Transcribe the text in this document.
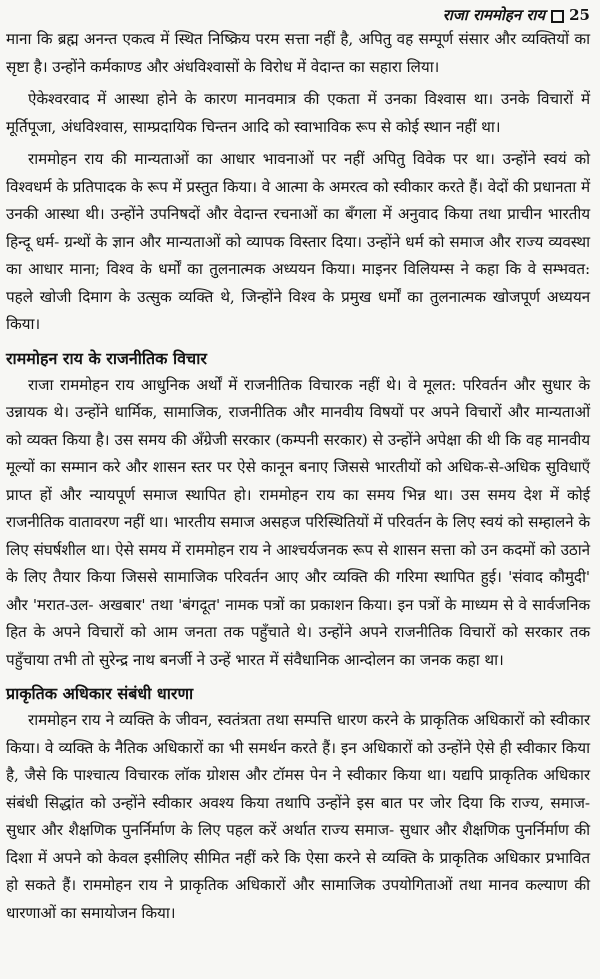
राजा राममोहन राय 25

माना कि ब्रह्म अनन्त एकत्व में स्थित निष्क्रिय परम सत्ता नहीं है, अपितु वह सम्पूर्ण संसार और व्यक्तियों का सृष्टा है। उन्होंने कर्मकाण्ड और अंधविश्वासों के विरोध में वेदान्त का सहारा लिया।

ऐकेश्वरवाद में आस्था होने के कारण मानवमात्र की एकता में उनका विश्वास था। उनके विचारों में मूर्तिपूजा, अंधविश्वास, साम्प्रदायिक चिन्तन आदि को स्वाभाविक रूप से कोई स्थान नहीं था।

राममोहन राय की मान्यताओं का आधार भावनाओं पर नहीं अपितु विवेक पर था। उन्होंने स्वयं को विश्वधर्म के प्रतिपादक के रूप में प्रस्तुत किया। वे आत्मा के अमरत्व को स्वीकार करते हैं। वेदों की प्रधानता में उनकी आस्था थी। उन्होंने उपनिषदों और वेदान्त रचनाओं का बँगला में अनुवाद किया तथा प्राचीन भारतीय हिन्दू धर्म- ग्रन्थों के ज्ञान और मान्यताओं को व्यापक विस्तार दिया। उन्होंने धर्म को समाज और राज्य व्यवस्था का आधार माना; विश्व के धर्मों का तुलनात्मक अध्ययन किया। माइनर विलियम्स ने कहा कि वे सम्भवत: पहले खोजी दिमाग के उत्सुक व्यक्ति थे, जिन्होंने विश्व के प्रमुख धर्मों का तुलनात्मक खोजपूर्ण अध्ययन किया।

राममोहन राय के राजनीतिक विचार

राजा राममोहन राय आधुनिक अर्थों में राजनीतिक विचारक नहीं थे। वे मूलत: परिवर्तन और सुधार के उन्नायक थे। उन्होंने धार्मिक, सामाजिक, राजनीतिक और मानवीय विषयों पर अपने विचारों और मान्यताओं को व्यक्त किया है। उस समय की अँग्रेजी सरकार (कम्पनी सरकार) से उन्होंने अपेक्षा की थी कि वह मानवीय मूल्यों का सम्मान करे और शासन स्तर पर ऐसे कानून बनाए जिससे भारतीयों को अधिक-से-अधिक सुविधाएँ प्राप्त हों और न्यायपूर्ण समाज स्थापित हो। राममोहन राय का समय भिन्न था। उस समय देश में कोई राजनीतिक वातावरण नहीं था। भारतीय समाज असहज परिस्थितियों में परिवर्तन के लिए स्वयं को सम्हालने के लिए संघर्षशील था। ऐसे समय में राममोहन राय ने आश्चर्यजनक रूप से शासन सत्ता को उन कदमों को उठाने के लिए तैयार किया जिससे सामाजिक परिवर्तन आए और व्यक्ति की गरिमा स्थापित हुई। 'संवाद कौमुदी' और 'मरात-उल- अखबार' तथा 'बंगदूत' नामक पत्रों का प्रकाशन किया। इन पत्रों के माध्यम से वे सार्वजनिक हित के अपने विचारों को आम जनता तक पहुँचाते थे। उन्होंने अपने राजनीतिक विचारों को सरकार तक पहुँचाया तभी तो सुरेन्द्र नाथ बनर्जी ने उन्हें भारत में संवैधानिक आन्दोलन का जनक कहा था।

प्राकृतिक अधिकार संबंधी धारणा

राममोहन राय ने व्यक्ति के जीवन, स्वतंत्रता तथा सम्पत्ति धारण करने के प्राकृतिक अधिकारों को स्वीकार किया। वे व्यक्ति के नैतिक अधिकारों का भी समर्थन करते हैं। इन अधिकारों को उन्होंने ऐसे ही स्वीकार किया है, जैसे कि पाश्चात्य विचारक लॉक ग्रोशस और टॉमस पेन ने स्वीकार किया था। यद्यपि प्राकृतिक अधिकार संबंधी सिद्धांत को उन्होंने स्वीकार अवश्य किया तथापि उन्होंने इस बात पर जोर दिया कि राज्य, समाज- सुधार और शैक्षणिक पुनर्निर्माण के लिए पहल करें अर्थात राज्य समाज- सुधार और शैक्षणिक पुनर्निर्माण की दिशा में अपने को केवल इसीलिए सीमित नहीं करे कि ऐसा करने से व्यक्ति के प्राकृतिक अधिकार प्रभावित हो सकते हैं। राममोहन राय ने प्राकृतिक अधिकारों और सामाजिक उपयोगिताओं तथा मानव कल्याण की धारणाओं का समायोजन किया।
